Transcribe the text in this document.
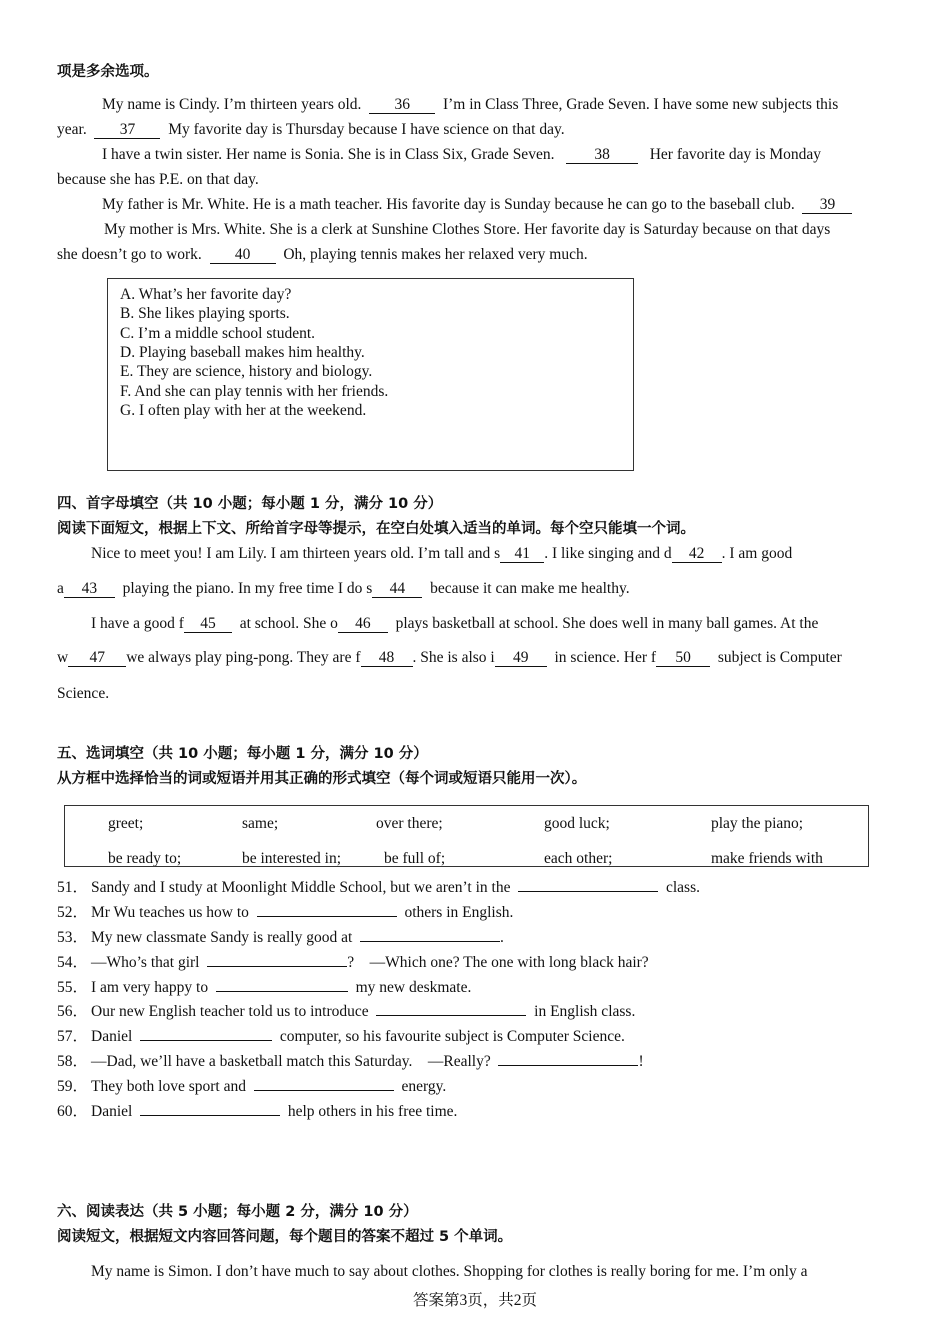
项是多余选项。
My name is Cindy. I’m thirteen years old. 36 I’m in Class Three, Grade Seven. I have some new subjects this
year. 37 My favorite day is Thursday because I have science on that day.
I have a twin sister. Her name is Sonia. She is in Class Six, Grade Seven.	38	Her favorite day is Monday
because she has P.E. on that day.
My father is Mr. White. He is a math teacher. His favorite day is Sunday because he can go to the baseball club. 39
My mother is Mrs. White. She is a clerk at Sunshine Clothes Store. Her favorite day is Saturday because on that days
she doesn’t go to work. 40 Oh, playing tennis makes her relaxed very much.
A. What’s her favorite day?
B. She likes playing sports.
C. I’m a middle school student.
D. Playing baseball makes him healthy.
E. They are science, history and biology.
F. And she can play tennis with her friends.
G. I often play with her at the weekend.
四、首字母填空（共 10 小题；每小题 1 分，满分 10 分）
阅读下面短文，根据上下文、所给首字母等提示，在空白处填入适当的单词。每个空只能填一个词。
Nice to meet you! I am Lily. I am thirteen years old. I’m tall and s 41 . I like singing and d 42 . I am good
a 43 playing the piano. In my free time I do s 44 because it can make me healthy.
I have a good f 45 at school. She o 46 plays basketball at school. She does well in many ball games. At the
w 47 we always play ping-pong. They are f 48 . She is also i 49 in science. Her f 50 subject is Computer
Science.
五、选词填空（共 10 小题；每小题 1 分，满分 10 分）
从方框中选择恰当的词或短语并用其正确的形式填空（每个词或短语只能用一次）。
greet;	same;	over there;	good luck;	play the piano;
be ready to;	be interested in;	be full of;	each other;	make friends with
51． Sandy and I study at Moonlight Middle School, but we aren’t in the	class.
52． Mr Wu teaches us how to	others in English.
53． My new classmate Sandy is really good at	.
54． —Who’s that girl	?　—Which one? The one with long black hair?
55． I am very happy to	my new deskmate.
56． Our new English teacher told us to introduce	in English class.
57． Daniel	computer, so his favourite subject is Computer Science.
58． —Dad, we’ll have a basketball match this Saturday.　—Really?	!
59． They both love sport and	energy.
60． Daniel	help others in his free time.
六、阅读表达（共 5 小题；每小题 2 分，满分 10 分）
阅读短文，根据短文内容回答问题，每个题目的答案不超过 5 个单词。
My name is Simon. I don’t have much to say about clothes. Shopping for clothes is really boring for me. I’m only a
答案第3页，共2页
